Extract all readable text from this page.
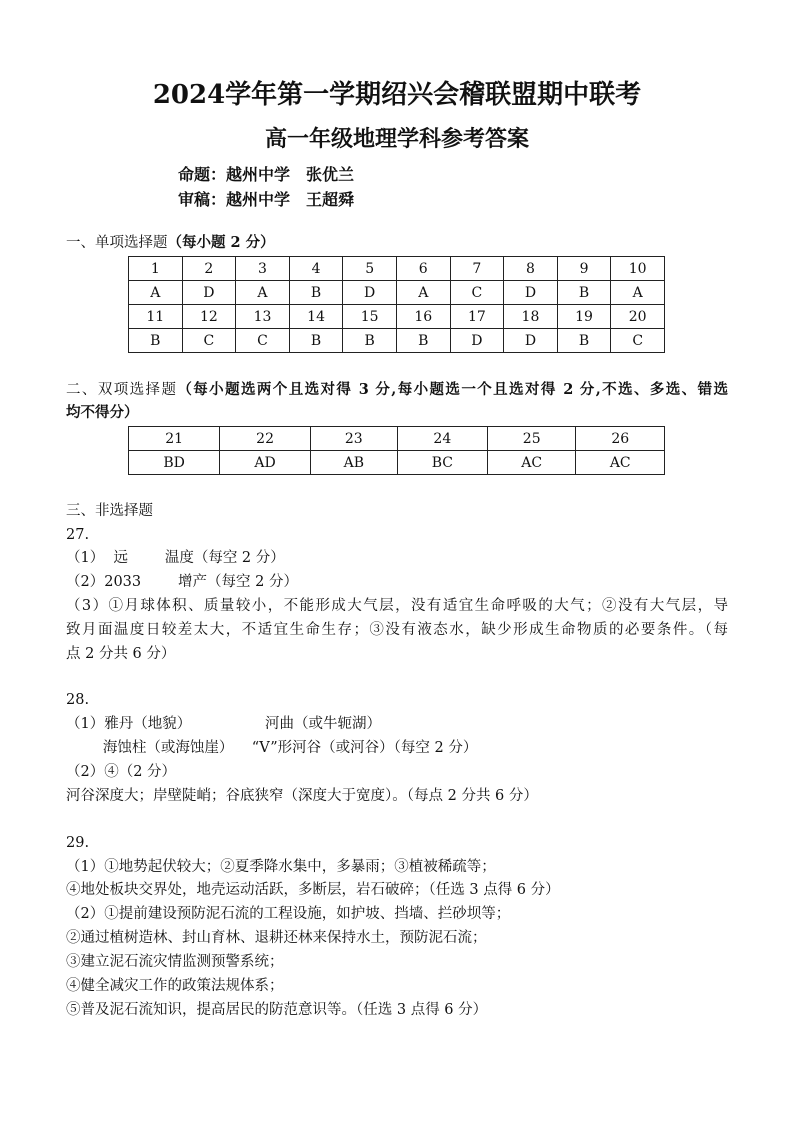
2024学年第一学期绍兴会稽联盟期中联考
高一年级地理学科参考答案
命题：越州中学　张优兰
审稿：越州中学　王超舜
一、单项选择题（每小题 2 分）
1	2	3	4	5	6	7	8	9	10
A	D	A	B	D	A	C	D	B	A
11	12	13	14	15	16	17	18	19	20
B	C	C	B	B	B	D	D	B	C
二、双项选择题（每小题选两个且选对得 3 分,每小题选一个且选对得 2 分,不选、多选、错选
均不得分）
21	22	23	24	25	26
BD	AD	AB	BC	AC	AC
三、非选择题
27.
（1）  远        温度（每空 2 分）
（2）2033        增产（每空 2 分）
（3）①月球体积、质量较小，不能形成大气层，没有适宜生命呼吸的大气；②没有大气层，导
致月面温度日较差太大，不适宜生命生存；③没有液态水，缺少形成生命物质的必要条件。（每
点 2 分共 6 分）
28.
（1）雅丹（地貌）                河曲（或牛轭湖）
海蚀柱（或海蚀崖）    “V”形河谷（或河谷）（每空 2 分）
（2）④（2 分）
河谷深度大；岸壁陡峭；谷底狭窄（深度大于宽度）。（每点 2 分共 6 分）
29.
（1）①地势起伏较大；②夏季降水集中，多暴雨；③植被稀疏等；
④地处板块交界处，地壳运动活跃，多断层，岩石破碎；（任选 3 点得 6 分）
（2）①提前建设预防泥石流的工程设施，如护坡、挡墙、拦砂坝等；
②通过植树造林、封山育林、退耕还林来保持水土，预防泥石流；
③建立泥石流灾情监测预警系统；
④健全减灾工作的政策法规体系；
⑤普及泥石流知识，提高居民的防范意识等。（任选 3 点得 6 分）
